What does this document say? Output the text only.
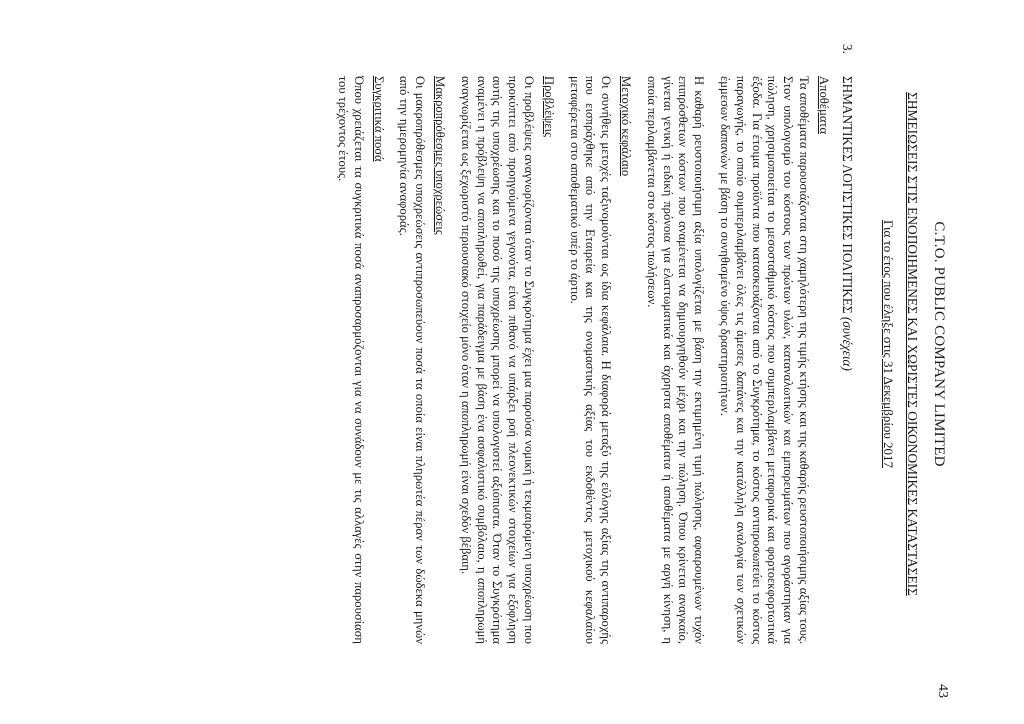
43
C.T.O. PUBLIC COMPANY LIMITED
ΣΗΜΕΙΩΣΕΙΣ ΣΤΙΣ ΕΝΟΠΟΙΗΜΕΝΕΣ ΚΑΙ ΧΩΡΙΣΤΕΣ ΟΙΚΟΝΟΜΙΚΕΣ ΚΑΤΑΣΤΑΣΕΙΣ
Για το έτος που έληξε στις 31 Δεκεμβρίου 2017
3.
ΣΗΜΑΝΤΙΚΕΣ ΛΟΓΙΣΤΙΚΕΣ ΠΟΛΙΤΙΚΕΣ (συνέχεια)
Αποθέματα

Τα αποθέματα παρουσιάζονται στη χαμηλότερη της τιμής κτήσης και της καθαρής ρευστοποιήσιμης αξίας τους. Στον υπολογισμό του κόστους των πρώτων υλών, καταναλωτικών και εμπορευμάτων που αγοράστηκαν για πώληση, χρησιμοποιείται το μεσοσταθμικό κόστος που συμπεριλαμβάνει μεταφορικά και φορτοεκφορτωτικά έξοδα. Για έτοιμα προϊόντα που κατασκευάζονται από το Συγκρότημα, το κόστος αντιπροσωπεύει το κόστος παραγωγής, το οποίο συμπεριλαμβάνει όλες τις άμεσες δαπάνες και την κατάλληλη αναλογία των σχετικών έμμεσων δαπανών με βάση το συνηθισμένο ύψος δραστηριοτήτων.

Η καθαρή ρευστοποιήσιμη αξία υπολογίζεται με βάση την εκτιμημένη τιμή πώλησης, αφαιρουμένων τυχόν επιπρόσθετων κόστων που αναμένεται να δημιουργηθούν μέχρι και την πώληση. Όπου κρίνεται αναγκαίο, γίνεται γενική ή ειδική πρόνοια για ελαττωματικά και άχρηστα αποθέματα ή αποθέματα με αργή κίνηση, η οποία περιλαμβάνεται στο κόστος πωλήσεων.

Μετοχικό κεφάλαιο

Οι συνήθεις μετοχές ταξινομούνται ως ίδια κεφάλαια. Η διαφορά μεταξύ της εύλογης αξίας της αντιπαροχής που εισπράχθηκε από την Εταιρεία και της ονομαστικής αξίας του εκδοθέντος μετοχικού κεφαλαίου μεταφέρεται στο αποθεματικό υπέρ το άρτιο.

Προβλέψεις

Οι προβλέψεις αναγνωρίζονται όταν το Συγκρότημα έχει μια παρούσα νομική ή τεκμαιρόμενη υποχρέωση που προκύπτει από προηγούμενα γεγονότα, είναι πιθανό να υπάρξει ροή πλεονεκτικών στοιχείων για εξόφληση αυτής της υποχρέωσης και το ποσό της υποχρέωσης μπορεί να υπολογιστεί αξιόπιστα. Όταν το Συγκρότημα αναμένει η πρόβλεψη να αποπληρωθεί, για παράδειγμα με βάση ένα ασφαλιστικό συμβόλαιο, η αποπληρωμή αναγνωρίζεται ως ξεχωριστό περιουσιακό στοιχείο μόνο όταν η αποπληρωμή είναι σχεδόν βέβαιη.

Μακροπρόθεσμες υποχρεώσεις

Οι μακροπρόθεσμες υποχρεώσεις αντιπροσωπεύουν ποσά τα οποία είναι πληρωτέα πέραν των δώδεκα μηνών από την ημερομηνία αναφοράς.

Συγκριτικά ποσά

Όπου χρειάζεται τα συγκριτικά ποσά αναπροσαρμόζονται για να συνάδουν με τις αλλαγές στην παρουσίαση του τρέχοντος έτους.
